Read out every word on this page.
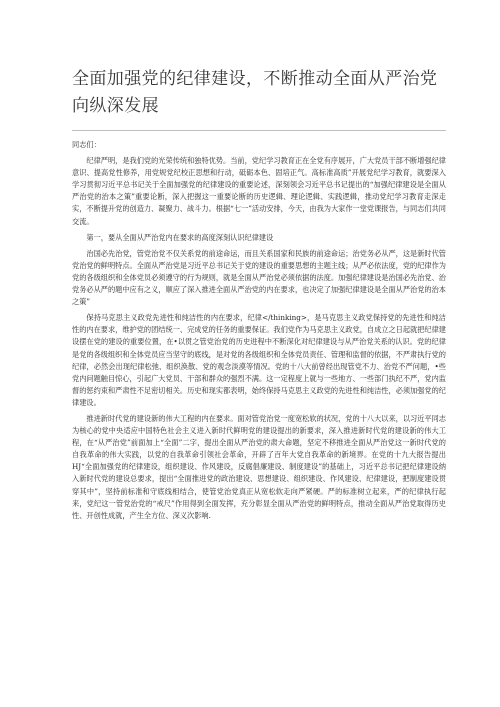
全面加强党的纪律建设，不断推动全面从严治党向纵深发展

同志们：

纪律严明，是我们党的光荣传统和独特优势。当前，党纪学习教育正在全党有序展开，广大党员干部不断增强纪律意识、提高党性修养，用党规党纪校正思想和行动，砥砺本色、固培正气。高标准高质”开展党纪学习教育，就要深入学习贯彻习近平总书记关于全面加强党的纪律建设的重要论述，深刻领会习近平总书记提出的“加强纪律建设是全面从严治党的治本之策”重要论断，深入把握这一重要论断的历史逻辑、理论逻辑、实践逻辑，推动党纪学习教育走深走实，不断提升党的创造力、凝聚力、战斗力。根据“七一”活动安排，今天，由我为大家作一堂党课报告，与同志们共同交流。

第一，要从全面从严治党内在要求的高度深刻认识纪律建设

治国必先治党，管党治党不仅关系党的前途命运，而且关系国家和民族的前途命运；治党务必从严，这是新时代管党治党的鲜明特点。全面从严治党是习近平总书记关于党的建设的重要思想的主题主线；从严必依法度，党的纪律作为党的各级组织和全体党员必须遵守的行为规则，就是全面从严治党必须依据的法度。加强纪律建设是治国必先治党、治党务必从严的题中应有之义，顺应了深入推进全面从严治党的内在要求，也决定了加强纪律建设是全面从严治党的治本之策”

保持马克思主义政党先进性和纯洁性的内在要求，纪律</thinking>，是马克思主义政党保持党的先进性和纯洁性的内在要求，维护党的团结统一、完成党的任务的重要保证。我们党作为马克思主义政党，自成立之日起就把纪律建设摆在党的建设的重要位置，在•以贯之管党治党的历史进程中不断深化对纪律建设与从严治党关系的认识。党的纪律是党的各级组织和全体党员应当坚守的底线，是对党的各级组织和全体党员责任、管理和监督的依据，不严肃执行党的纪律，必然会出现纪律松弛、组织涣散、党的观念淡漠等情况。党的十八大前曾经出现管党不力、治党不严问题，•些党内问题触目惊心，引起广大党员、干部和群众的强烈不满。这一定程度上就与一些地方、一些部门执纪不严，党内监督的惩约束和严肃性不足密切相关。历史和现实都表明，始终保持马克思主义政党的先进性和纯洁性，必须加强党的纪律建设。

推进新时代党的建设新的伟大工程的内在要求。面对管党治党一度宽松软的状况，党的十八大以来，以习近平同志为核心的党中央适应中国特色社会主义进入新时代鲜明党的建设提出的新要求，深入推进新时代党的建设新的伟大工程，在“从严治党”前面加上“全面”二字，提出全面从严治党的肃大命题，坚定不移推进全面从严治党这一新时代党的自我革命的伟大实践，以党的自我革命引领社会革命，开辟了百年大党自我革命的新境界。在党的十九大报告提出HJ“全面加强党的纪律建设，组织建设、作风建设，反腐倡廉建设、制度建设”的基础上，习近平总书记把纪律建设纳入新时代党的建设总要求，提出“全面推进党的政治建设、思想建设、组织建设、作风建设、纪律建设，把制度建设贯穿其中”，坚持前标准和守底线相结合，使管党治党真正从宽松软走向严紧硬。严的标准树立起来，严的纪律执行起来，党纪这一管党治党的“戒尺”作用得到全面发挥，充分彰显全面从严治党的鲜明特点，推动全面从严治党取得历史性、开创性成就，产生全方位、深义次影响.
